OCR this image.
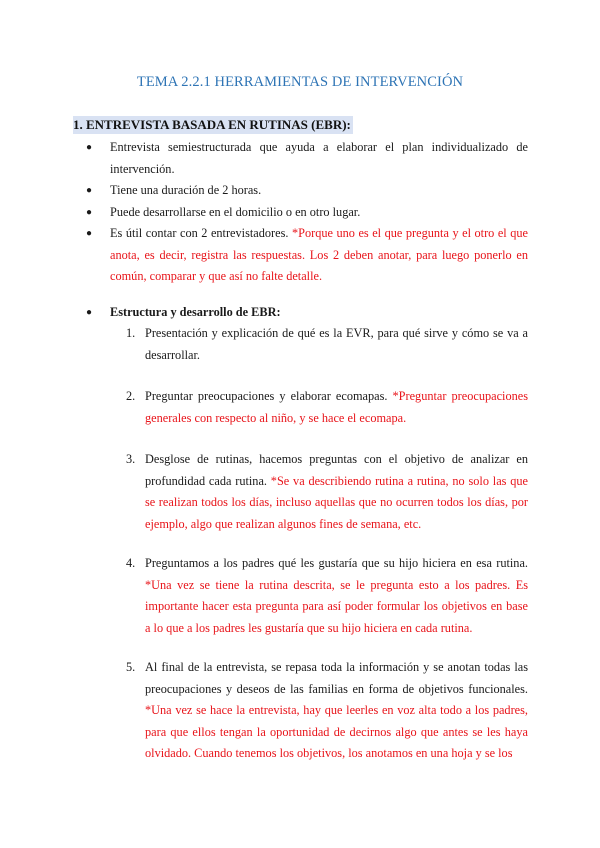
TEMA 2.2.1 HERRAMIENTAS DE INTERVENCIÓN
1. ENTREVISTA BASADA EN RUTINAS (EBR):
● Entrevista semiestructurada que ayuda a elaborar el plan individualizado de intervención.
● Tiene una duración de 2 horas.
● Puede desarrollarse en el domicilio o en otro lugar.
● Es útil contar con 2 entrevistadores. *Porque uno es el que pregunta y el otro el que anota, es decir, registra las respuestas. Los 2 deben anotar, para luego ponerlo en común, comparar y que así no falte detalle.
● Estructura y desarrollo de EBR:
1. Presentación y explicación de qué es la EVR, para qué sirve y cómo se va a desarrollar.
2. Preguntar preocupaciones y elaborar ecomapas. *Preguntar preocupaciones generales con respecto al niño, y se hace el ecomapa.
3. Desglose de rutinas, hacemos preguntas con el objetivo de analizar en profundidad cada rutina. *Se va describiendo rutina a rutina, no solo las que se realizan todos los días, incluso aquellas que no ocurren todos los días, por ejemplo, algo que realizan algunos fines de semana, etc.
4. Preguntamos a los padres qué les gustaría que su hijo hiciera en esa rutina. *Una vez se tiene la rutina descrita, se le pregunta esto a los padres. Es importante hacer esta pregunta para así poder formular los objetivos en base a lo que a los padres les gustaría que su hijo hiciera en cada rutina.
5. Al final de la entrevista, se repasa toda la información y se anotan todas las preocupaciones y deseos de las familias en forma de objetivos funcionales. *Una vez se hace la entrevista, hay que leerles en voz alta todo a los padres, para que ellos tengan la oportunidad de decirnos algo que antes se les haya olvidado. Cuando tenemos los objetivos, los anotamos en una hoja y se los
